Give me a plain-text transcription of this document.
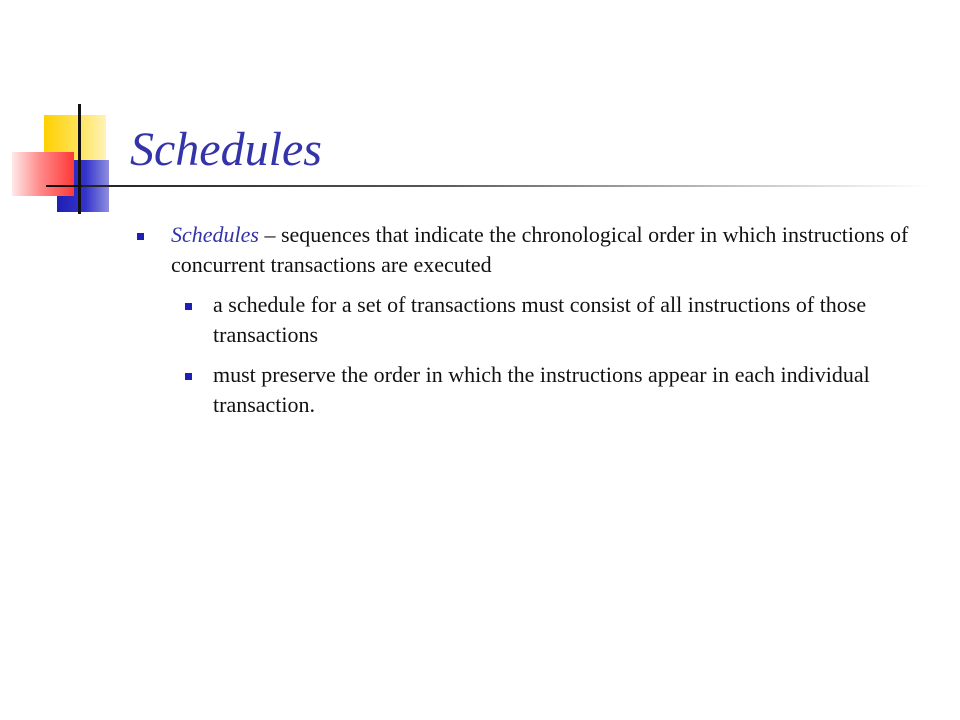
Schedules
Schedules – sequences that indicate the chronological order in which instructions of concurrent transactions are executed
a schedule for a set of transactions must consist of all instructions of those transactions
must preserve the order in which the instructions appear in each individual transaction.
